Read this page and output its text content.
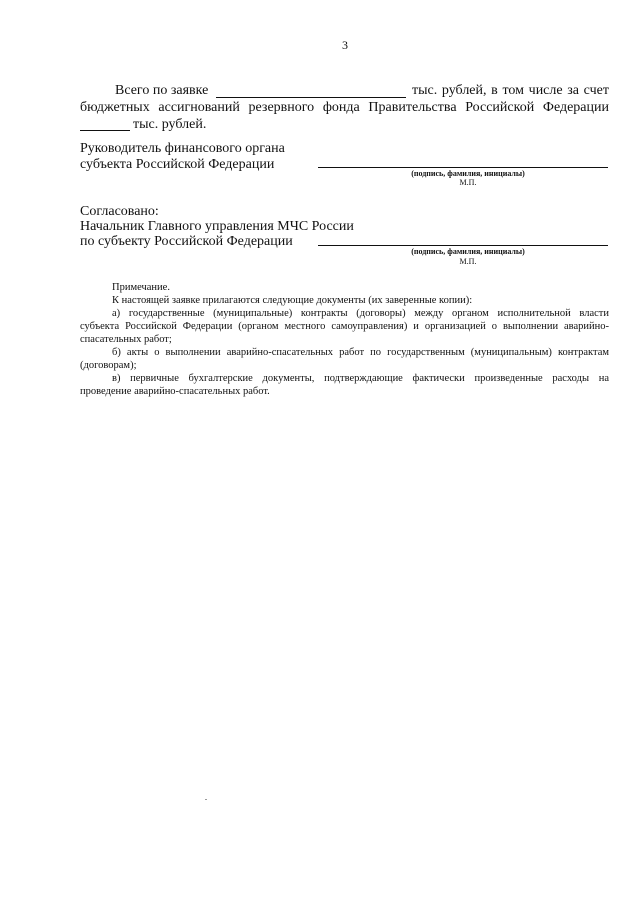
3
Всего по заявке	тыс. рублей, в том числе за счет
бюджетных ассигнований резервного фонда Правительства Российской Федерации
тыс. рублей.
Руководитель финансового органа
субъекта Российской Федерации
(подпись, фамилия, инициалы)
М.П.
Согласовано:
Начальник Главного управления МЧС России
по субъекту Российской Федерации
(подпись, фамилия, инициалы)
М.П.
Примечание.
К настоящей заявке прилагаются следующие документы (их заверенные копии):
а) государственные (муниципальные) контракты (договоры) между органом исполнительной власти
субъекта Российской Федерации (органом местного самоуправления) и организацией о выполнении аварийно-
спасательных работ;
б) акты о выполнении аварийно-спасательных работ по государственным (муниципальным) контрактам
(договорам);
в) первичные бухгалтерские документы, подтверждающие фактически произведенные расходы на
проведение аварийно-спасательных работ.
